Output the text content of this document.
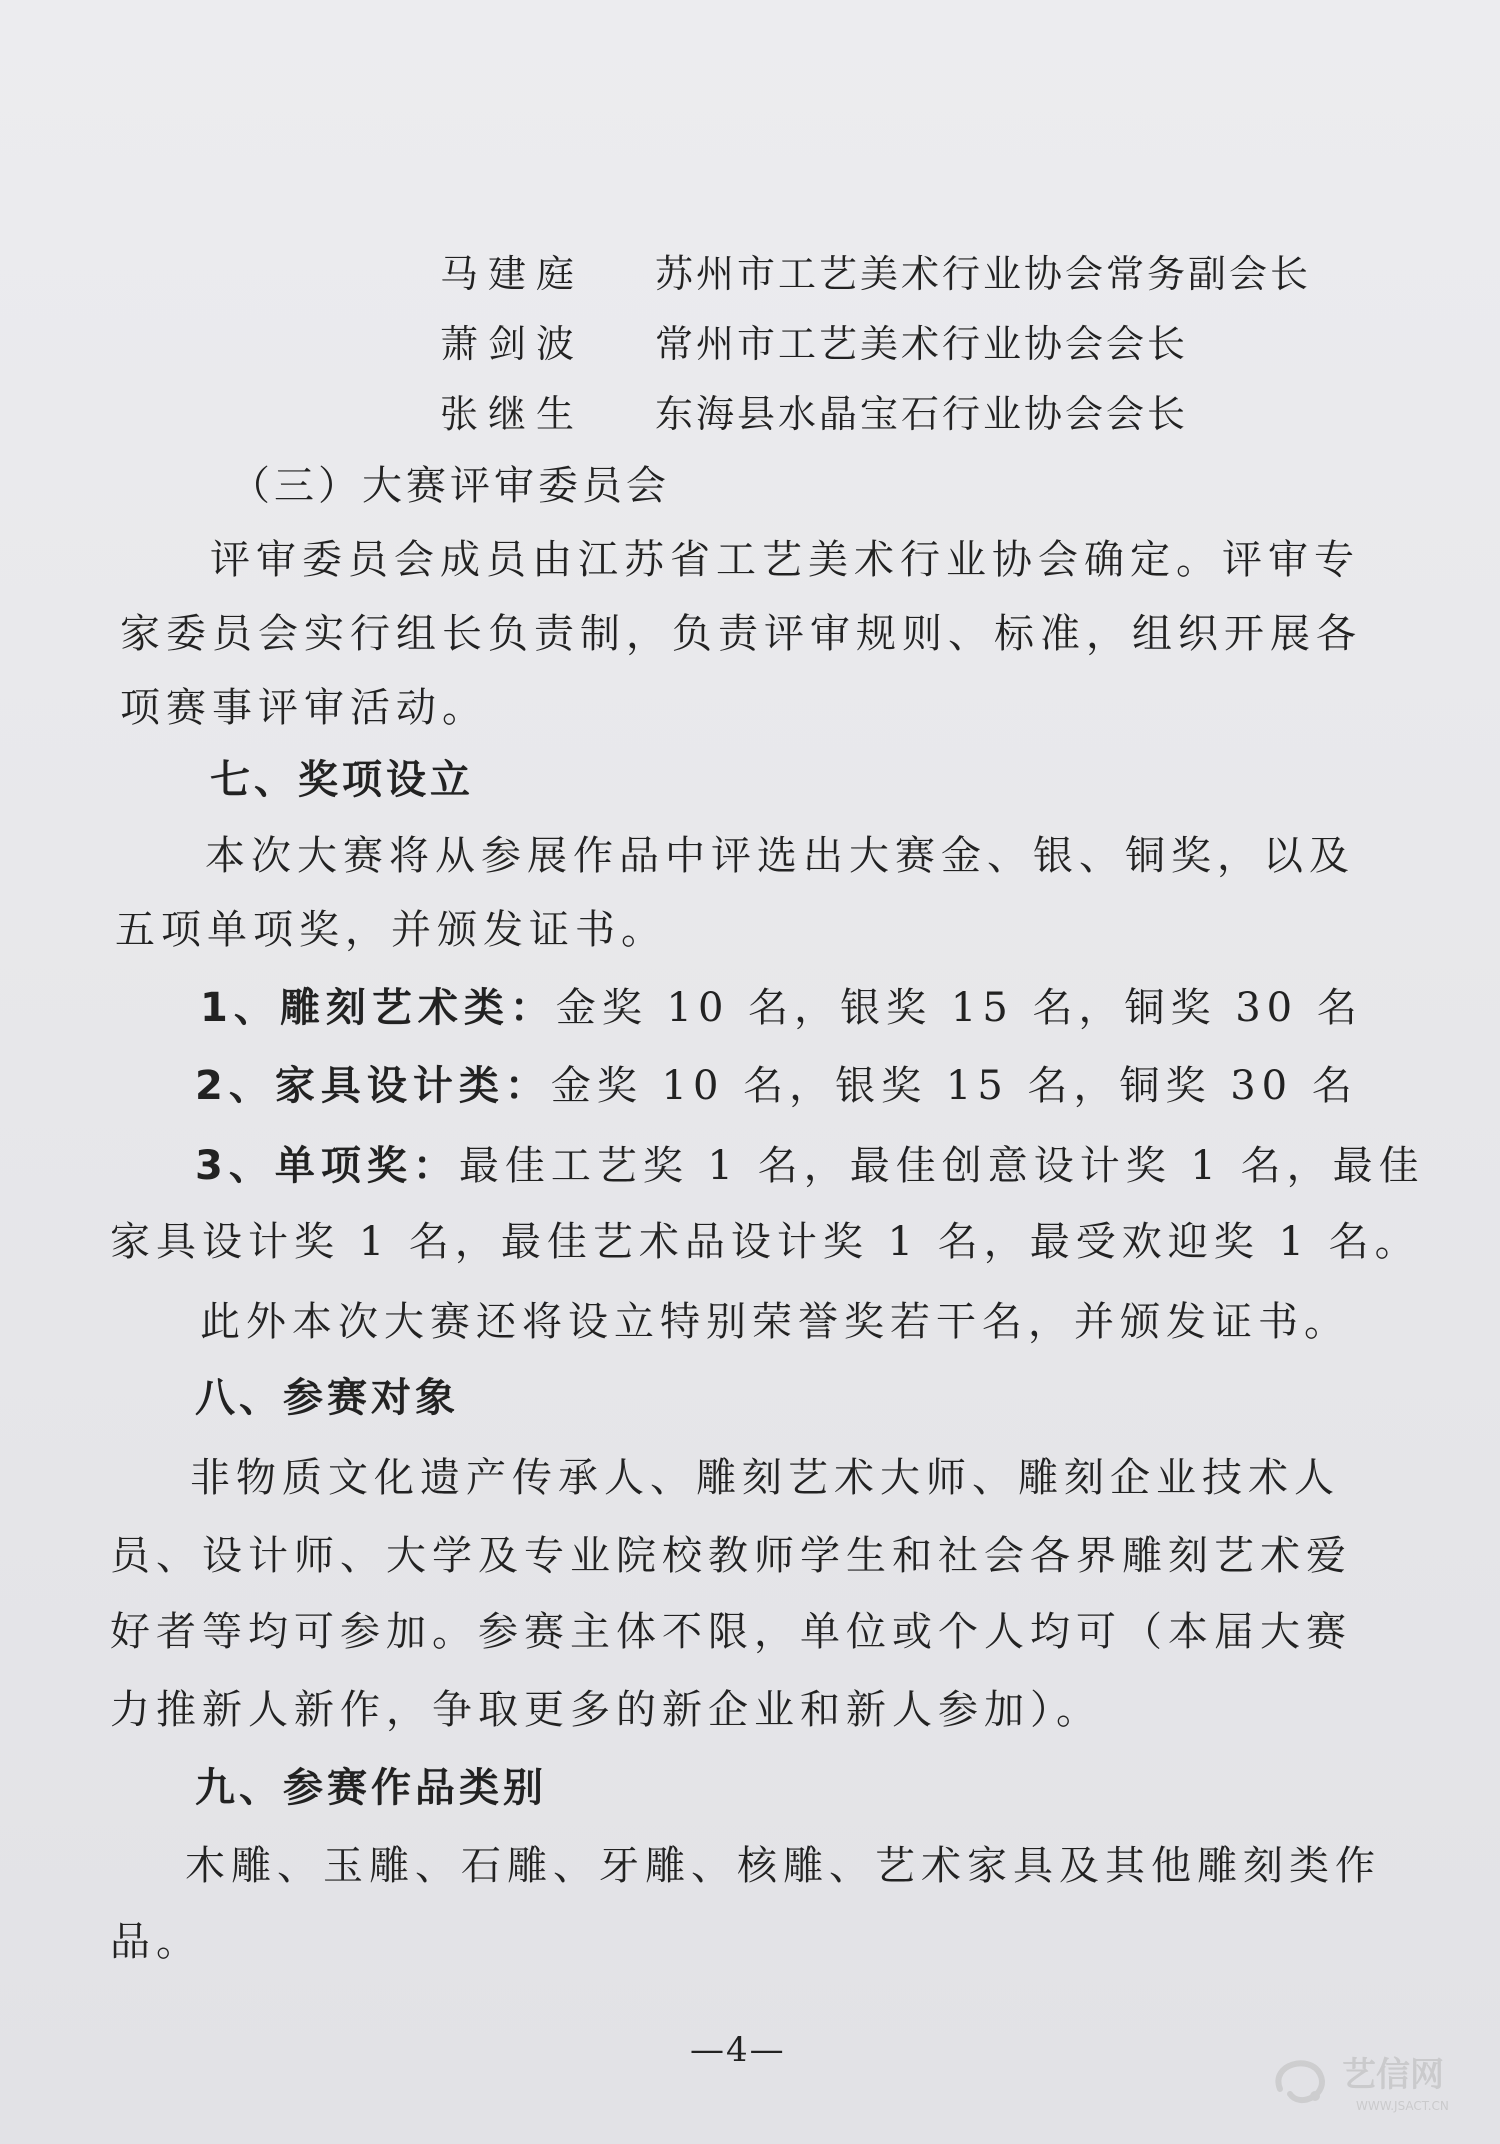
马建庭 苏州市工艺美术行业协会常务副会长
萧剑波 常州市工艺美术行业协会会长
张继生 东海县水晶宝石行业协会会长
（三）大赛评审委员会
评审委员会成员由江苏省工艺美术行业协会确定。评审专
家委员会实行组长负责制，负责评审规则、标准，组织开展各
项赛事评审活动。
七、奖项设立
本次大赛将从参展作品中评选出大赛金、银、铜奖，以及
五项单项奖，并颁发证书。
1、雕刻艺术类：金奖 10 名，银奖 15 名，铜奖 30 名
2、家具设计类：金奖 10 名，银奖 15 名，铜奖 30 名
3、单项奖：最佳工艺奖 1 名，最佳创意设计奖 1 名，最佳
家具设计奖 1 名，最佳艺术品设计奖 1 名，最受欢迎奖 1 名。
此外本次大赛还将设立特别荣誉奖若干名，并颁发证书。
八、参赛对象
非物质文化遗产传承人、雕刻艺术大师、雕刻企业技术人
员、设计师、大学及专业院校教师学生和社会各界雕刻艺术爱
好者等均可参加。参赛主体不限，单位或个人均可（本届大赛
力推新人新作，争取更多的新企业和新人参加）。
九、参赛作品类别
木雕、玉雕、石雕、牙雕、核雕、艺术家具及其他雕刻类作
品。
—4—
艺信网
WWW.JSACT.CN
